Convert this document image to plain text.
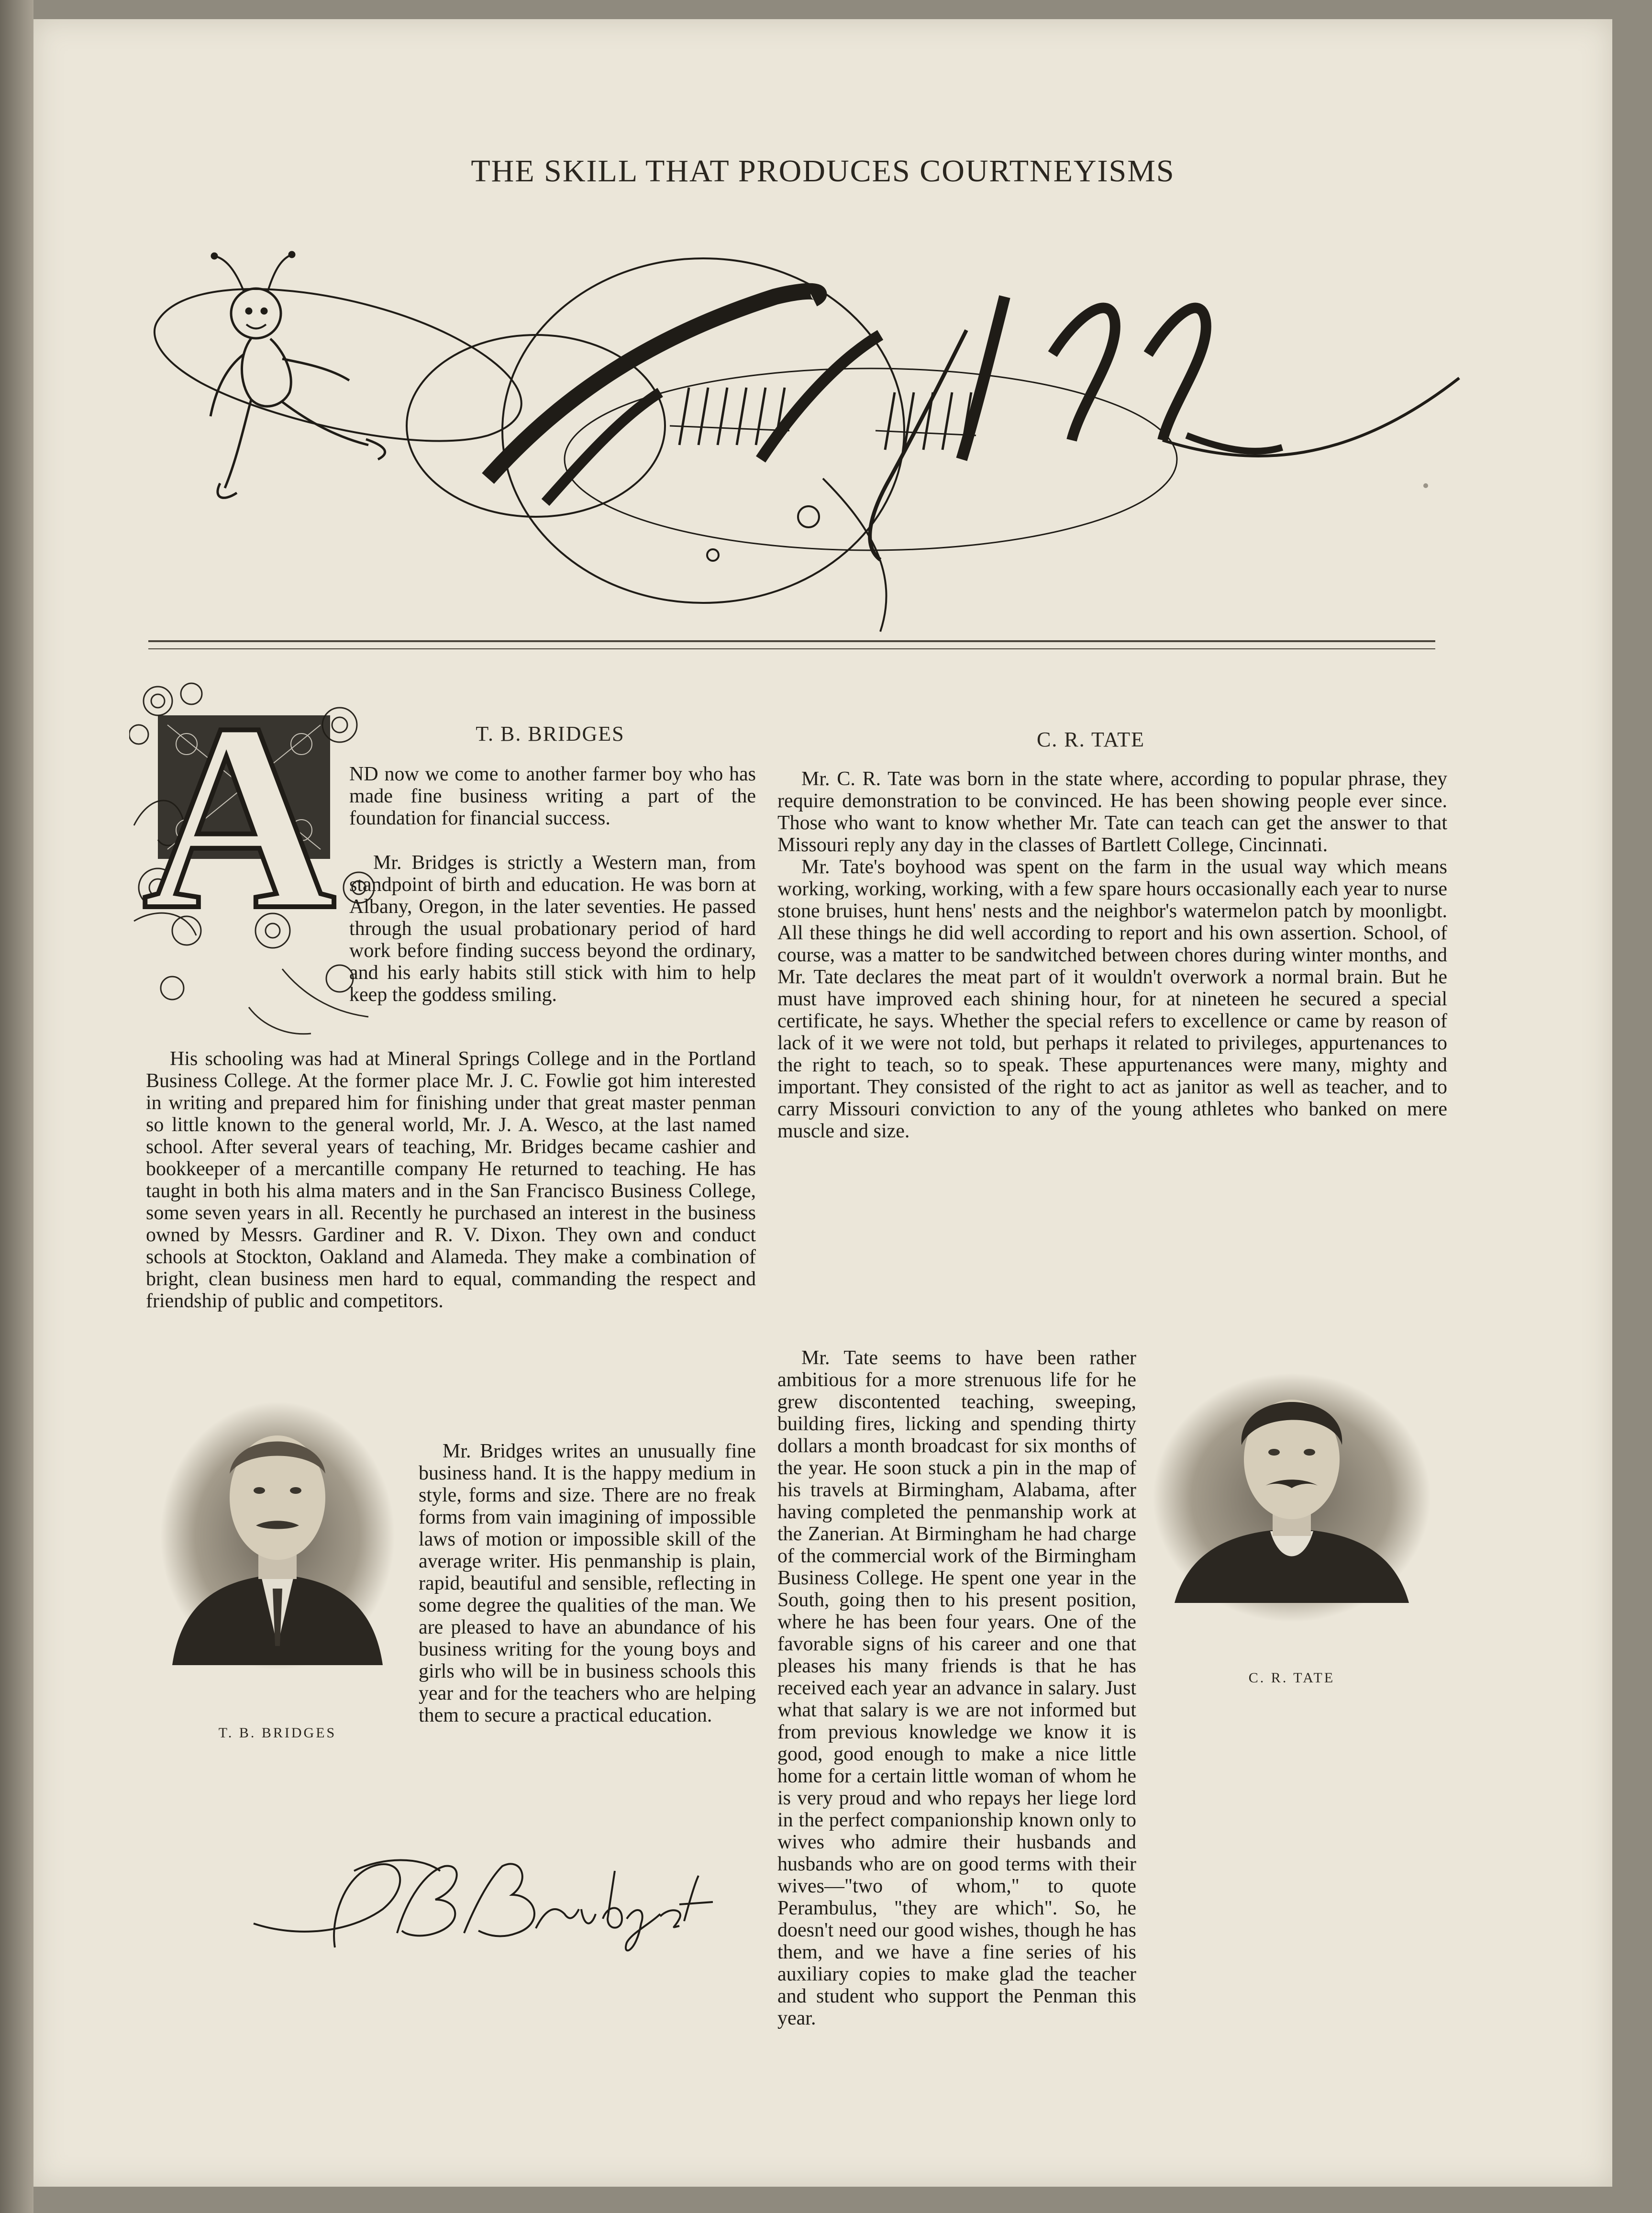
THE SKILL THAT PRODUCES COURTNEYISMS
T. B. BRIDGES
A ND now we come to another farmer boy who has made fine business writing a part of the foundation for financial success.

Mr. Bridges is strictly a Western man, from standpoint of birth and education. He was born at Albany, Oregon, in the later seventies. He passed through the usual probationary period of hard work before finding success beyond the ordinary, and his early habits still stick with him to help keep the goddess smiling.

His schooling was had at Mineral Springs College and in the Portland Business College. At the former place Mr. J. C. Fowlie got him interested in writing and prepared him for finishing under that great master penman so little known to the general world, Mr. J. A. Wesco, at the last named school. After several years of teaching, Mr. Bridges became cashier and bookkeeper of a mercantille company He returned to teaching. He has taught in both his alma maters and in the San Francisco Business College, some seven years in all. Recently he purchased an interest in the business owned by Messrs. Gardiner and R. V. Dixon. They own and conduct schools at Stockton, Oakland and Alameda. They make a combination of bright, clean business men hard to equal, commanding the respect and friendship of public and competitors.

Mr. Bridges writes an unusually fine business hand. It is the happy medium in style, forms and size. There are no freak forms from vain imagining of impossible laws of motion or impossible skill of the average writer. His penmanship is plain, rapid, beautiful and sensible, reflecting in some degree the qualities of the man. We are pleased to have an abundance of his business writing for the young boys and girls who will be in business schools this year and for the teachers who are helping them to secure a practical education.

T. B. BRIDGES
C. R. TATE

Mr. C. R. Tate was born in the state where, according to popular phrase, they require demonstration to be convinced. He has been showing people ever since. Those who want to know whether Mr. Tate can teach can get the answer to that Missouri reply any day in the classes of Bartlett College, Cincinnati.

Mr. Tate's boyhood was spent on the farm in the usual way which means working, working, working, with a few spare hours occasionally each year to nurse stone bruises, hunt hens' nests and the neighbor's watermelon patch by moonligbt. All these things he did well according to report and his own assertion. School, of course, was a matter to be sandwitched between chores during winter months, and Mr. Tate declares the meat part of it wouldn't overwork a normal brain. But he must have improved each shining hour, for at nineteen he secured a special certificate, he says. Whether the special refers to excellence or came by reason of lack of it we were not told, but perhaps it related to privileges, appurtenances to the right to teach, so to speak. These appurtenances were many, mighty and important. They consisted of the right to act as janitor as well as teacher, and to carry Missouri conviction to any of the young athletes who banked on mere muscle and size.

Mr. Tate seems to have been rather ambitious for a more strenuous life for he grew discontented teaching, sweeping, building fires, licking and spending thirty dollars a month broadcast for six months of the year. He soon stuck a pin in the map of his travels at Birmingham, Alabama, after having completed the penmanship work at the Zanerian. At Birmingham he had charge of the commercial work of the Birmingham Business College. He spent one year in the South, going then to his present position, where he has been four years. One of the favorable signs of his career and one that pleases his many friends is that he has received each year an advance in salary. Just what that salary is we are not informed but from previous knowledge we know it is good, good enough to make a nice little home for a certain little woman of whom he is very proud and who repays her liege lord in the perfect companionship known only to wives who admire their husbands and husbands who are on good terms with their wives—"two of whom," to quote Perambulus, "they are which". So, he doesn't need our good wishes, though he has them, and we have a fine series of his auxiliary copies to make glad the teacher and student who support the Penman this year.

C. R. TATE
